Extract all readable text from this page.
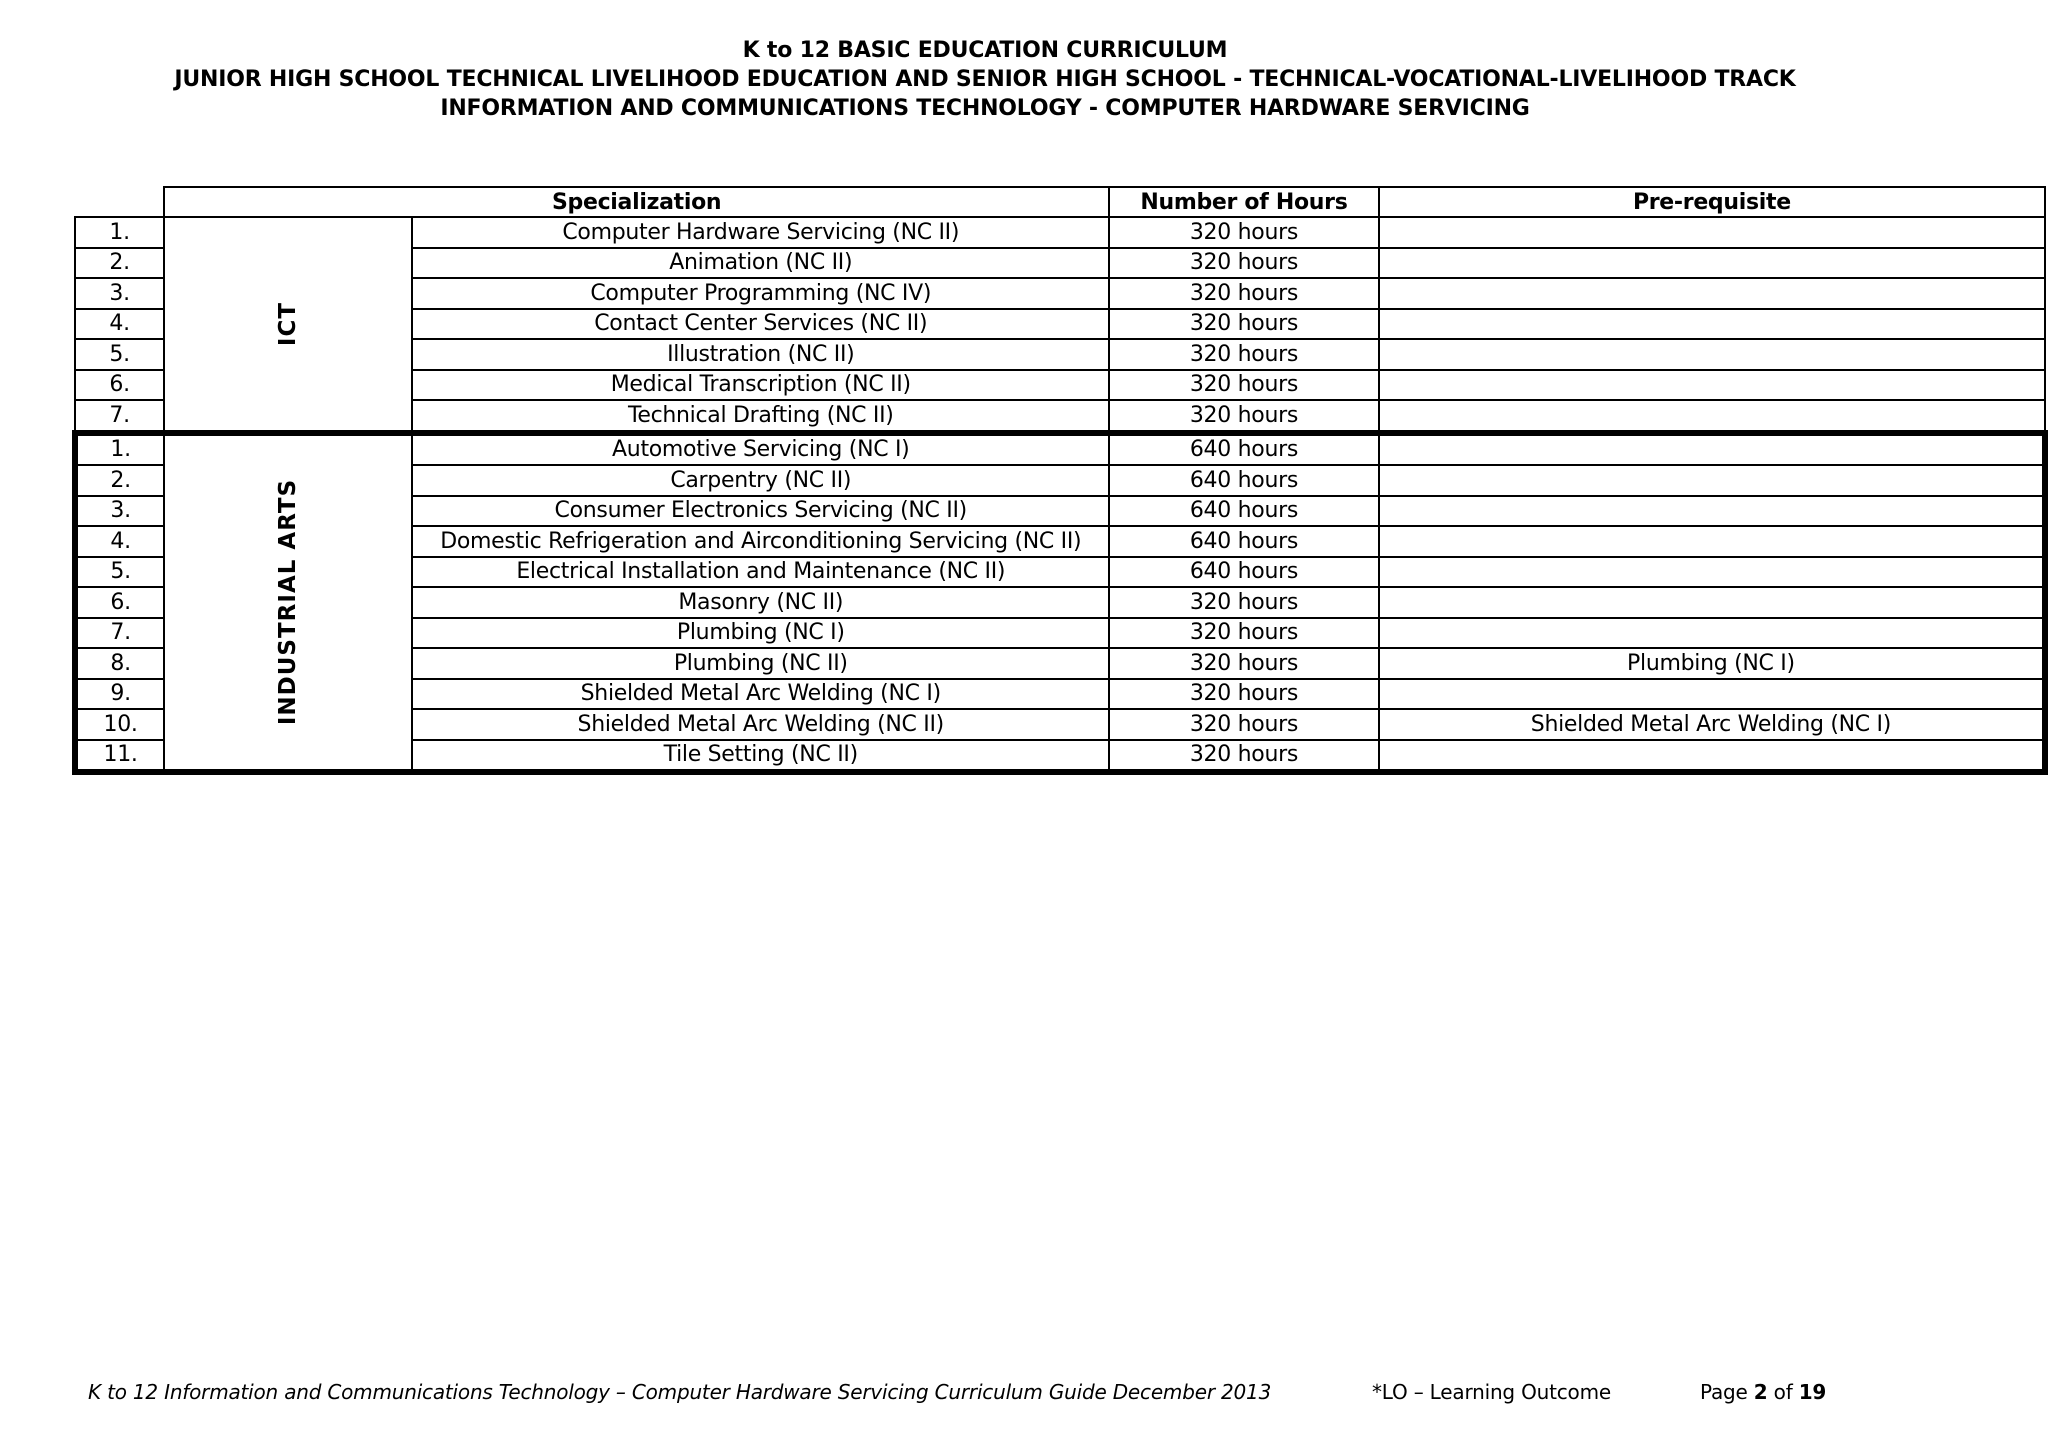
K to 12 BASIC EDUCATION CURRICULUM
JUNIOR HIGH SCHOOL TECHNICAL LIVELIHOOD EDUCATION AND SENIOR HIGH SCHOOL - TECHNICAL-VOCATIONAL-LIVELIHOOD TRACK
INFORMATION AND COMMUNICATIONS TECHNOLOGY - COMPUTER HARDWARE SERVICING
	Specialization		Number of Hours	Pre-requisite
1.	ICT	Computer Hardware Servicing (NC II)	320 hours	
2.		Animation (NC II)	320 hours	
3.		Computer Programming (NC IV)	320 hours	
4.		Contact Center Services (NC II)	320 hours	
5.		Illustration (NC II)	320 hours	
6.		Medical Transcription (NC II)	320 hours	
7.		Technical Drafting (NC II)	320 hours	
1.	INDUSTRIAL ARTS	Automotive Servicing (NC I)	640 hours	
2.		Carpentry (NC II)	640 hours	
3.		Consumer Electronics Servicing (NC II)	640 hours	
4.		Domestic Refrigeration and Airconditioning Servicing (NC II)	640 hours	
5.		Electrical Installation and Maintenance (NC II)	640 hours	
6.		Masonry (NC II)	320 hours	
7.		Plumbing (NC I)	320 hours	
8.		Plumbing (NC II)	320 hours	Plumbing (NC I)
9.		Shielded Metal Arc Welding (NC I)	320 hours	
10.		Shielded Metal Arc Welding (NC II)	320 hours	Shielded Metal Arc Welding (NC I)
11.		Tile Setting (NC II)	320 hours	
K to 12 Information and Communications Technology – Computer Hardware Servicing Curriculum Guide December 2013	*LO – Learning Outcome	Page 2 of 19
